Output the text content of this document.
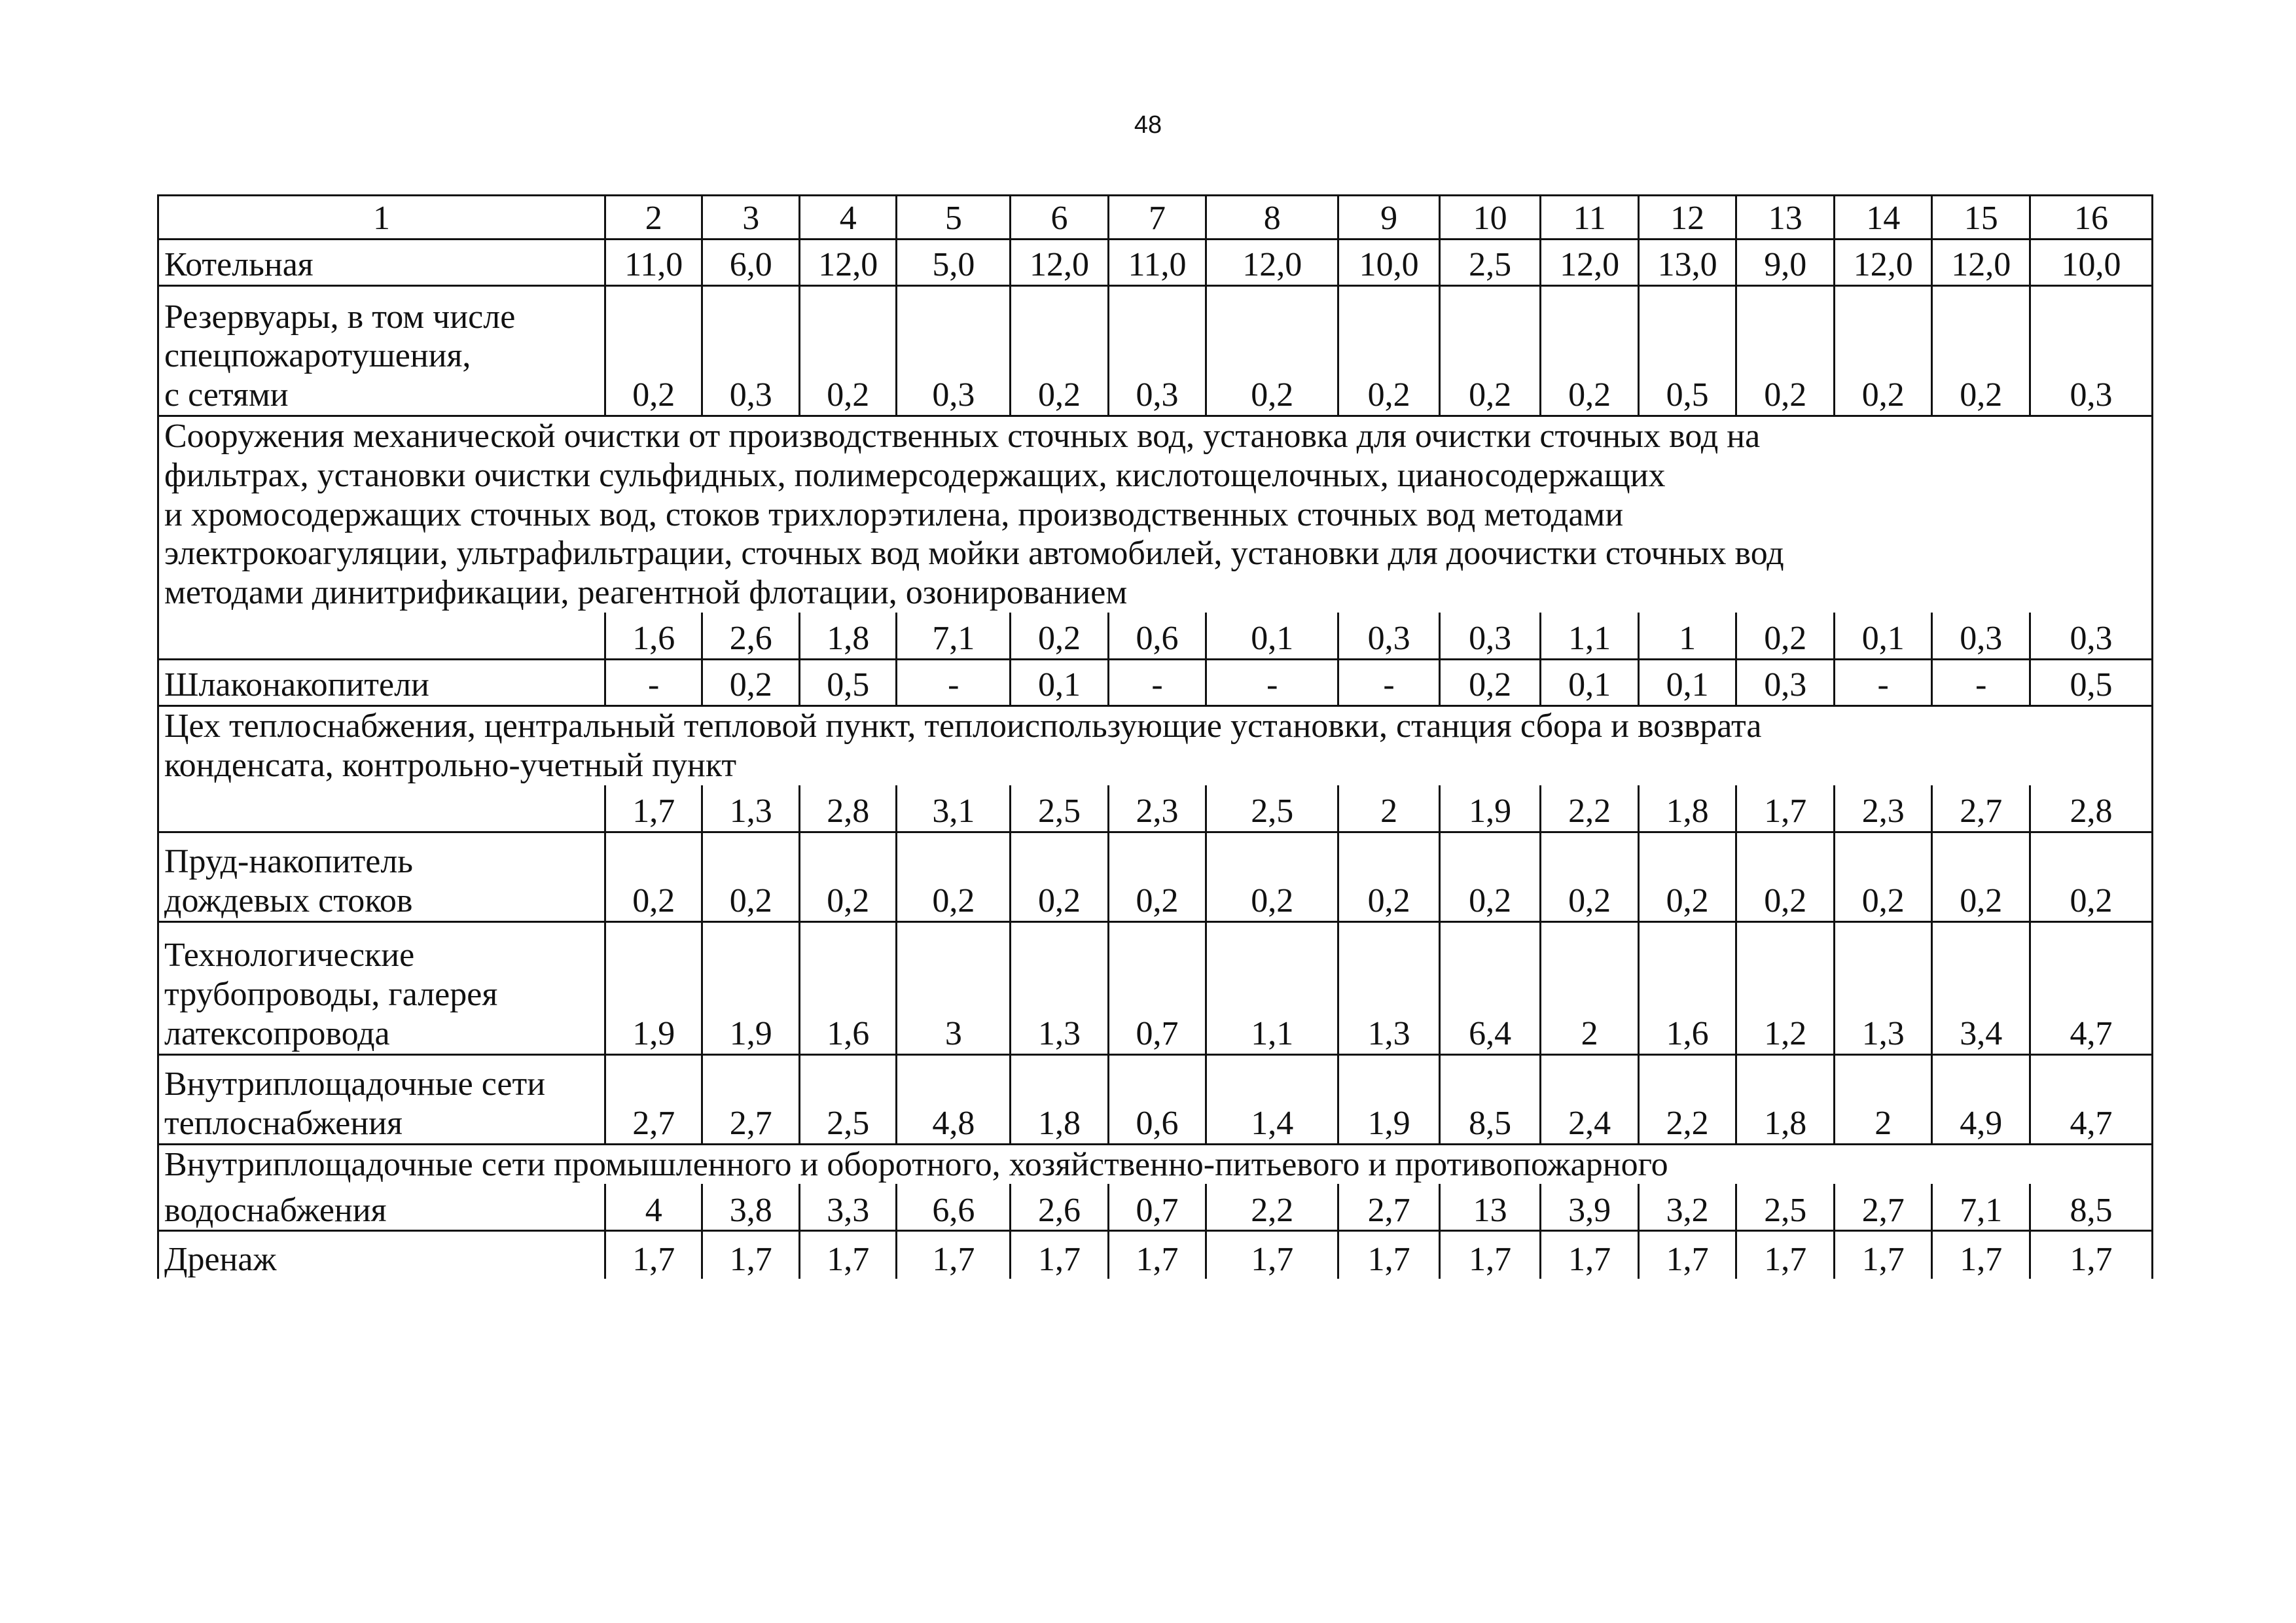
48
1	2	3	4	5	6	7	8	9	10	11	12	13	14	15	16
Котельная	11,0	6,0	12,0	5,0	12,0	11,0	12,0	10,0	2,5	12,0	13,0	9,0	12,0	12,0	10,0
Резервуары, в том числе
спецпожаротушения,
с сетями	0,2	0,3	0,2	0,3	0,2	0,3	0,2	0,2	0,2	0,2	0,5	0,2	0,2	0,2	0,3
Сооружения механической очистки от производственных сточных вод, установка для очистки сточных вод на
фильтрах, установки очистки сульфидных, полимерсодержащих, кислотощелочных, цианосодержащих
и хромосодержащих сточных вод, стоков трихлорэтилена, производственных сточных вод методами
электрокоагуляции, ультрафильтрации, сточных вод мойки автомобилей, установки для доочистки сточных вод
методами динитрификации, реагентной флотации, озонированием															
	1,6	2,6	1,8	7,1	0,2	0,6	0,1	0,3	0,3	1,1	1	0,2	0,1	0,3	0,3
Шлаконакопители	-	0,2	0,5	-	0,1	-	-	-	0,2	0,1	0,1	0,3	-	-	0,5
Цех теплоснабжения, центральный тепловой пункт, теплоиспользующие установки, станция сбора и возврата
конденсата, контрольно-учетный пункт															
	1,7	1,3	2,8	3,1	2,5	2,3	2,5	2	1,9	2,2	1,8	1,7	2,3	2,7	2,8
Пруд-накопитель
дождевых стоков	0,2	0,2	0,2	0,2	0,2	0,2	0,2	0,2	0,2	0,2	0,2	0,2	0,2	0,2	0,2
Технологические
трубопроводы, галерея
латексопровода	1,9	1,9	1,6	3	1,3	0,7	1,1	1,3	6,4	2	1,6	1,2	1,3	3,4	4,7
Внутриплощадочные сети
теплоснабжения	2,7	2,7	2,5	4,8	1,8	0,6	1,4	1,9	8,5	2,4	2,2	1,8	2	4,9	4,7
Внутриплощадочные сети промышленного и оборотного, хозяйственно-питьевого и противопожарного															
водоснабжения	4	3,8	3,3	6,6	2,6	0,7	2,2	2,7	13	3,9	3,2	2,5	2,7	7,1	8,5
Дренаж	1,7	1,7	1,7	1,7	1,7	1,7	1,7	1,7	1,7	1,7	1,7	1,7	1,7	1,7	1,7
